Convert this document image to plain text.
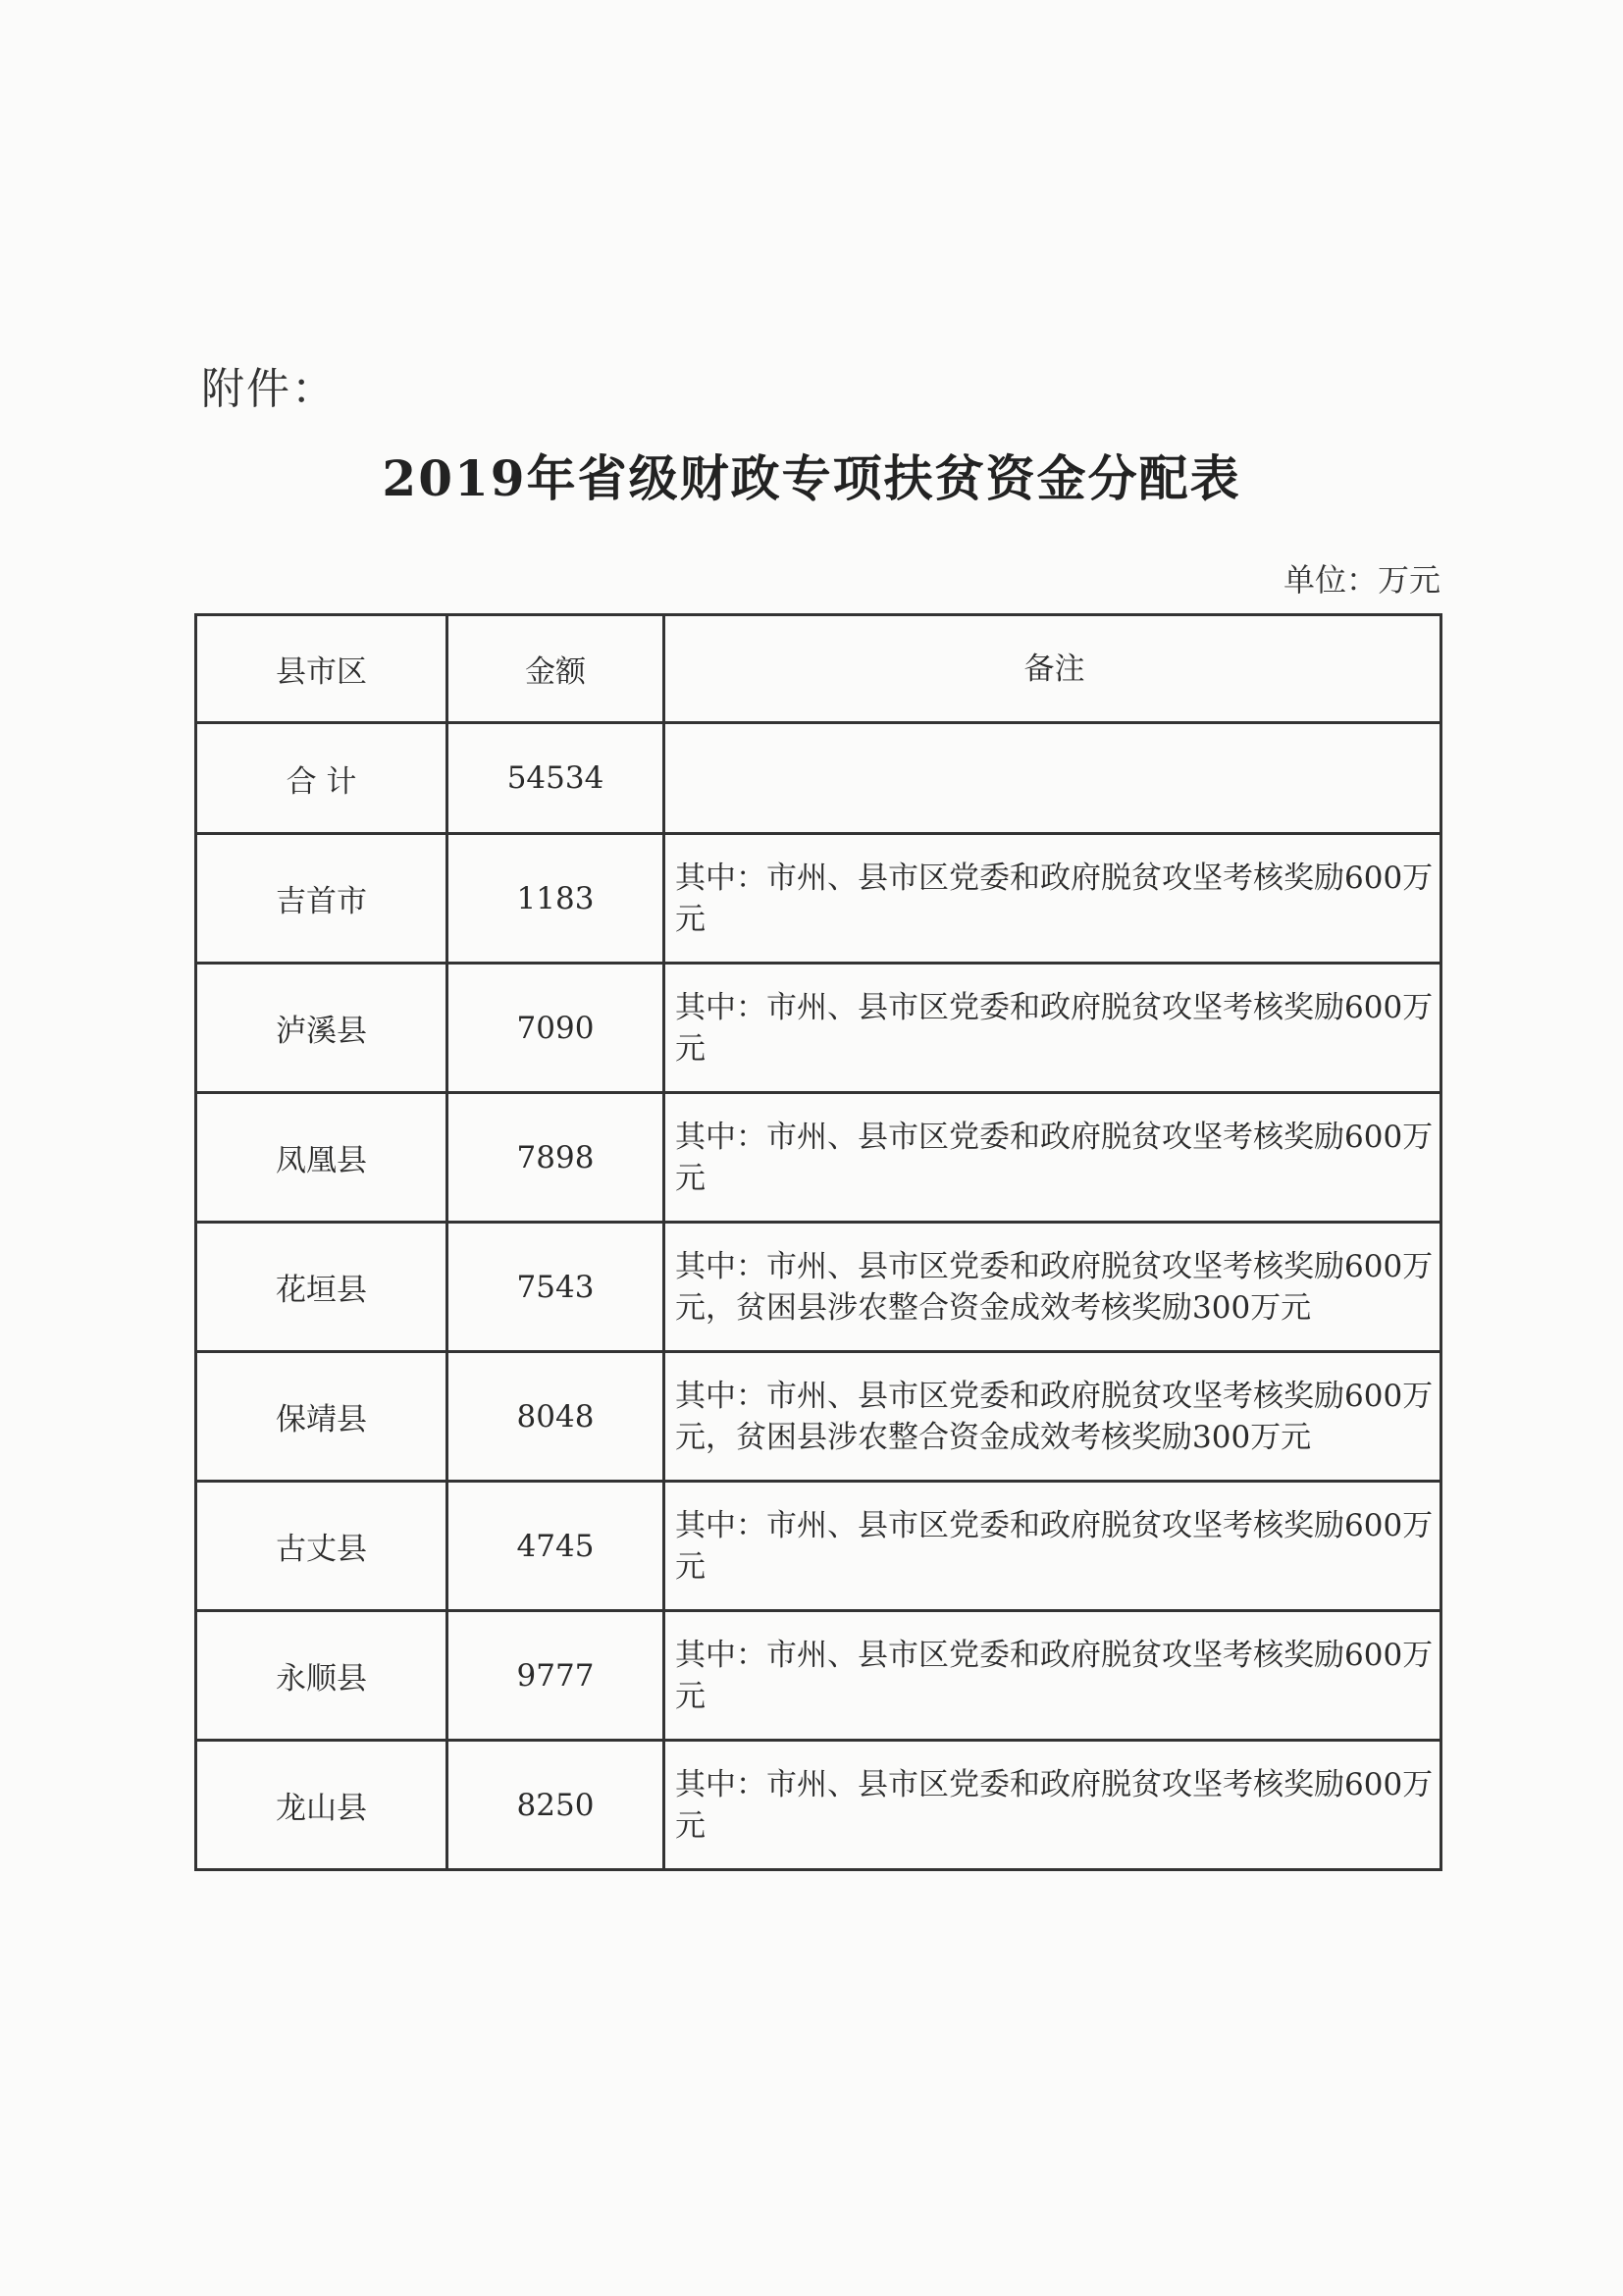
附件：
2019年省级财政专项扶贫资金分配表
单位：万元
县市区	金额	备注
合 计	54534	
吉首市	1183	其中：市州、县市区党委和政府脱贫攻坚考核奖励600万元
泸溪县	7090	其中：市州、县市区党委和政府脱贫攻坚考核奖励600万元
凤凰县	7898	其中：市州、县市区党委和政府脱贫攻坚考核奖励600万元
花垣县	7543	其中：市州、县市区党委和政府脱贫攻坚考核奖励600万元，贫困县涉农整合资金成效考核奖励300万元
保靖县	8048	其中：市州、县市区党委和政府脱贫攻坚考核奖励600万元，贫困县涉农整合资金成效考核奖励300万元
古丈县	4745	其中：市州、县市区党委和政府脱贫攻坚考核奖励600万元
永顺县	9777	其中：市州、县市区党委和政府脱贫攻坚考核奖励600万元
龙山县	8250	其中：市州、县市区党委和政府脱贫攻坚考核奖励600万元
